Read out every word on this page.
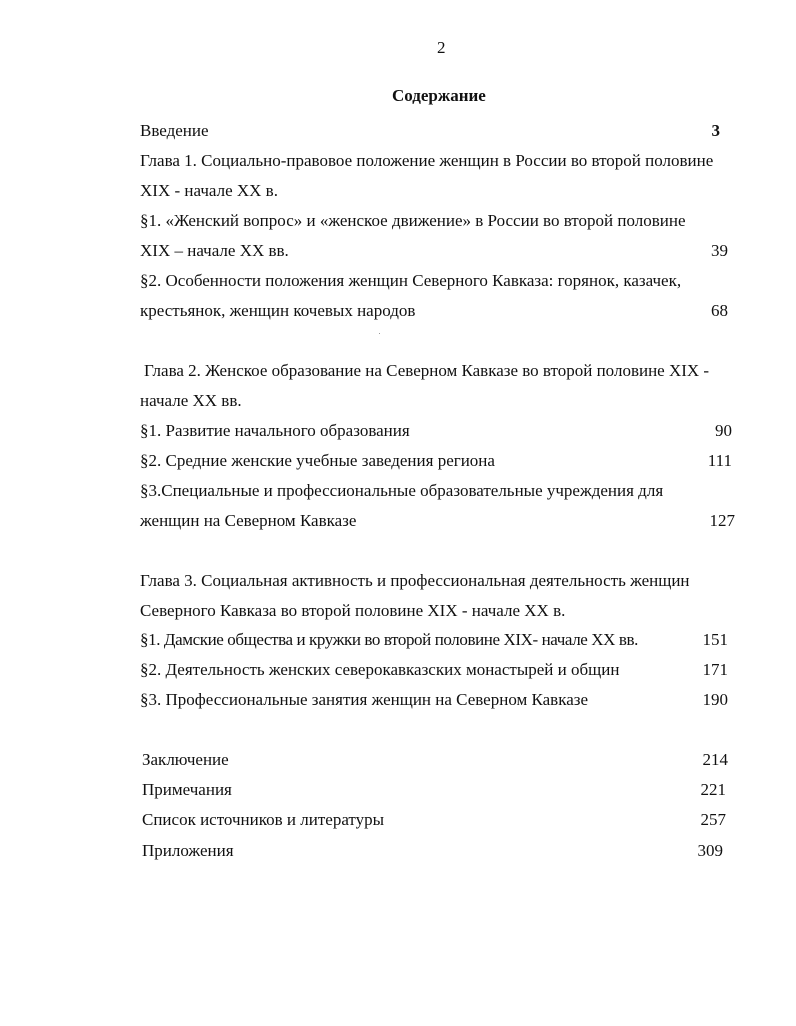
2
Содержание
Введение	3
Глава 1. Социально-правовое положение женщин в России во второй половине
XIX - начале XX в.
§1. «Женский вопрос» и «женское движение» в России во второй половине
XIX – начале XX вв.	39
§2. Особенности положения женщин Северного Кавказа: горянок, казачек,
крестьянок, женщин кочевых народов	68
Глава 2. Женское образование на Северном Кавказе во второй половине XIX -
начале XX вв.
§1. Развитие начального образования	90
§2. Средние женские учебные заведения региона	111
§3.Специальные и профессиональные образовательные учреждения для
женщин на Северном Кавказе	127
Глава 3. Социальная активность и профессиональная деятельность женщин
Северного Кавказа во второй половине XIX - начале XX в.
§1. Дамские общества и кружки во второй половине XIX- начале XX вв.	151
§2. Деятельность женских северокавказских монастырей и общин	171
§3. Профессиональные занятия женщин на Северном Кавказе	190
Заключение	214
Примечания	221
Список источников и литературы	257
Приложения	309
